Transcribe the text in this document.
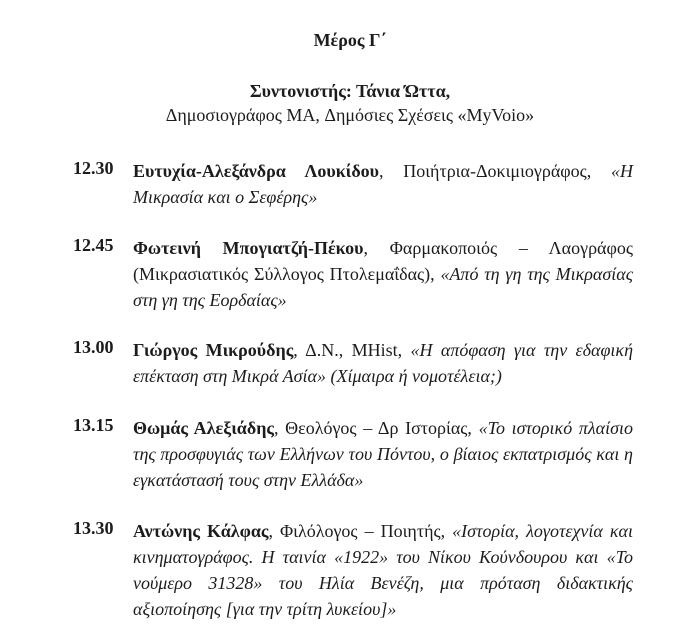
Μέρος Γ΄
Συντονιστής: Τάνια Ώττα,
Δημοσιογράφος MA, Δημόσιες Σχέσεις «MyVoio»
12.30 Ευτυχία-Αλεξάνδρα Λουκίδου, Ποιήτρια-Δοκιμιογράφος, «Η Μικρασία και ο Σεφέρης»
12.45 Φωτεινή Μπογιατζή-Πέκου, Φαρμακοποιός – Λαογράφος (Μικρασιατικός Σύλλογος Πτολεμαΐδας), «Από τη γη της Μικρασίας στη γη της Εορδαίας»
13.00 Γιώργος Μικρούδης, Δ.Ν., MHist, «Η απόφαση για την εδαφική επέκταση στη Μικρά Ασία» (Χίμαιρα ή νομοτέλεια;)
13.15 Θωμάς Αλεξιάδης, Θεολόγος – Δρ Ιστορίας, «Το ιστορικό πλαίσιο της προσφυγιάς των Ελλήνων του Πόντου, ο βίαιος εκπατρισμός και η εγκατάστασή τους στην Ελλάδα»
13.30 Αντώνης Κάλφας, Φιλόλογος – Ποιητής, «Ιστορία, λογοτεχνία και κινηματογράφος. Η ταινία «1922» του Νίκου Κούνδουρου και «Το νούμερο 31328» του Ηλία Βενέζη, μια πρόταση διδακτικής αξιοποίησης [για την τρίτη λυκείου]»
